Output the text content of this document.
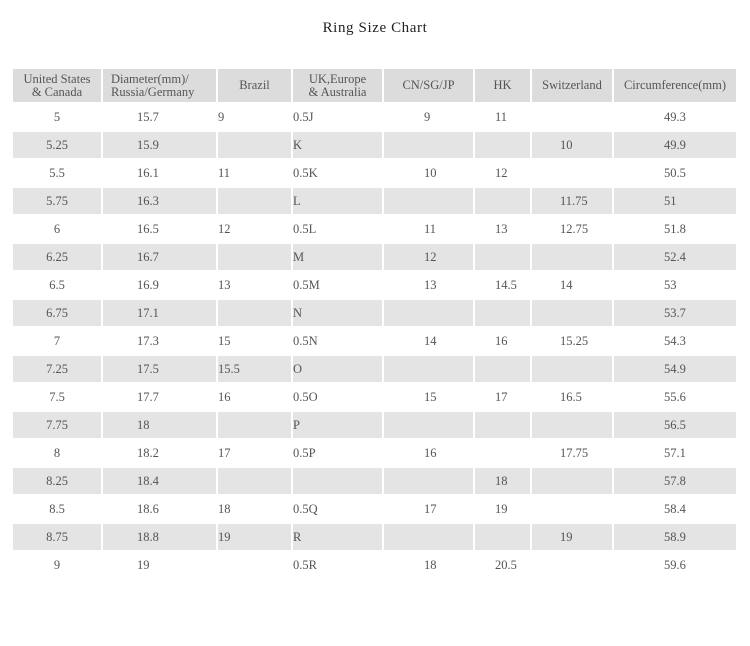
Ring Size Chart
United States
& Canada	Diameter(mm)/
Russia/Germany	Brazil	UK,Europe
& Australia	CN/SG/JP	HK	Switzerland	Circumference(mm)
5	15.7	9	0.5J	9	11		49.3
5.25	15.9		K			10	49.9
5.5	16.1	11	0.5K	10	12		50.5
5.75	16.3		L			11.75	51
6	16.5	12	0.5L	11	13	12.75	51.8
6.25	16.7		M	12			52.4
6.5	16.9	13	0.5M	13	14.5	14	53
6.75	17.1		N				53.7
7	17.3	15	0.5N	14	16	15.25	54.3
7.25	17.5	15.5	O				54.9
7.5	17.7	16	0.5O	15	17	16.5	55.6
7.75	18		P				56.5
8	18.2	17	0.5P	16		17.75	57.1
8.25	18.4				18		57.8
8.5	18.6	18	0.5Q	17	19		58.4
8.75	18.8	19	R			19	58.9
9	19		0.5R	18	20.5		59.6
